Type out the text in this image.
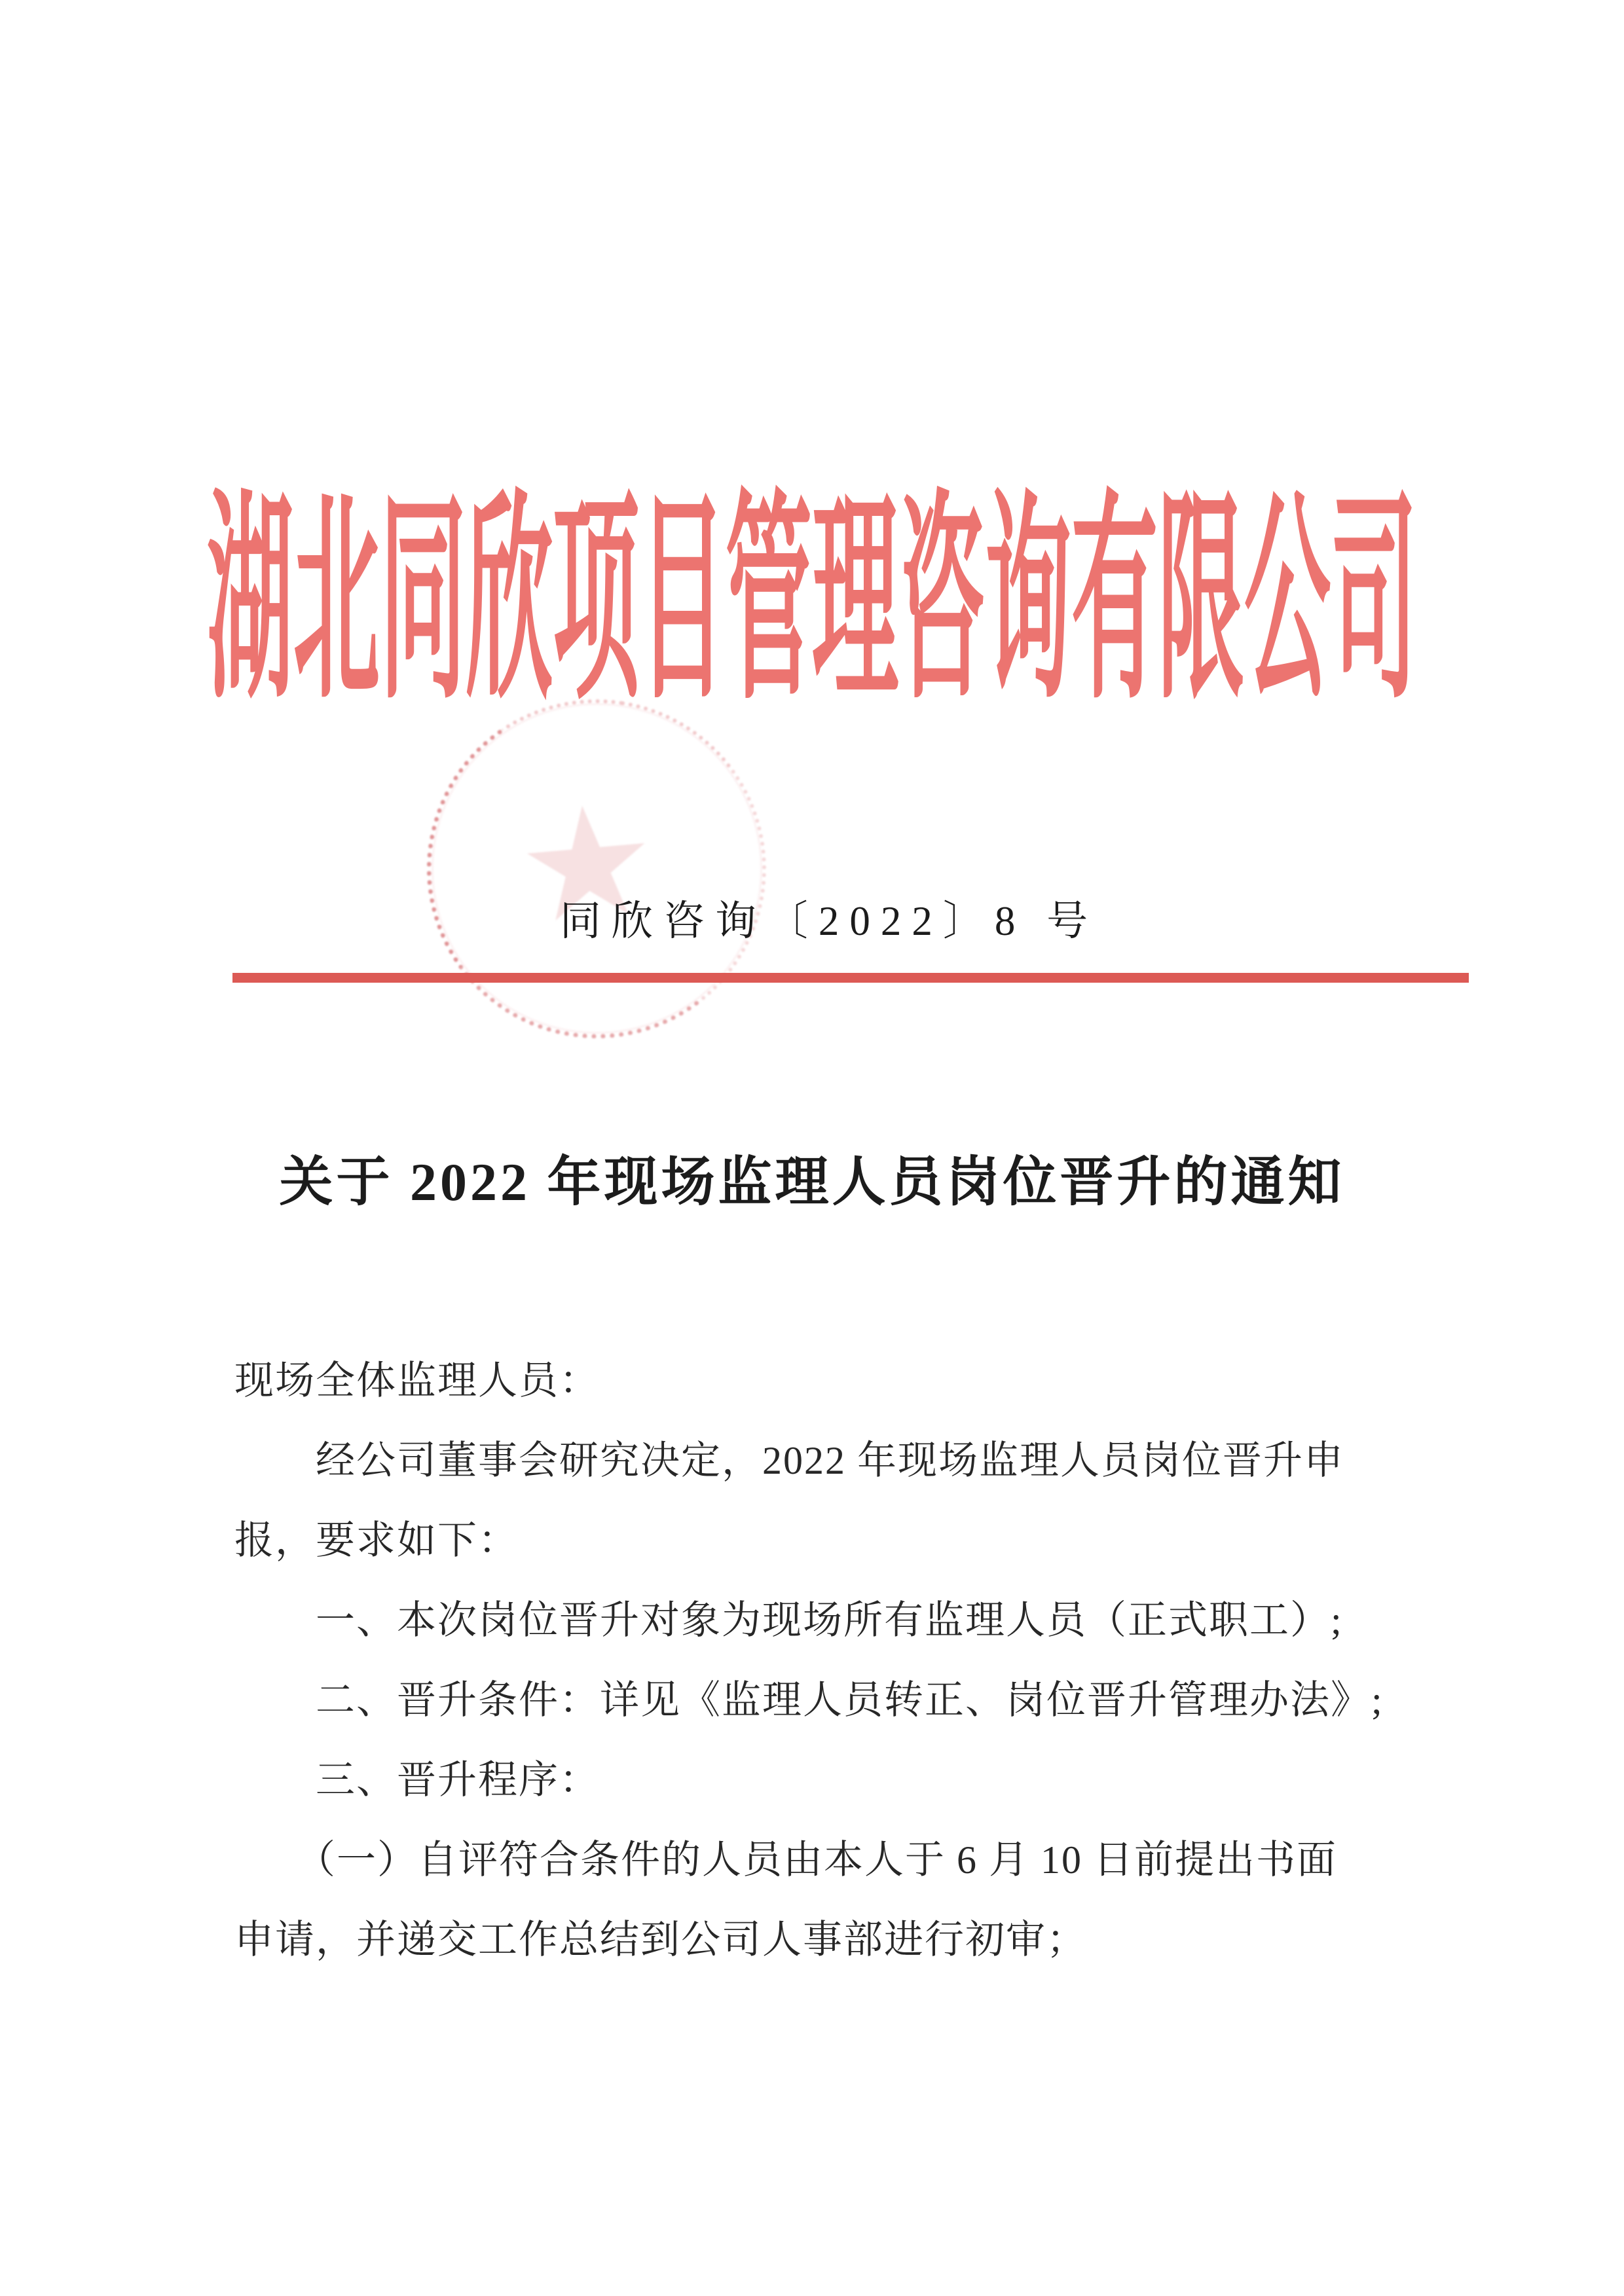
湖北同欣项目管理咨询有限公司
★
同欣咨询〔2022〕8 号
关于 2022 年现场监理人员岗位晋升的通知

现场全体监理人员：

　　经公司董事会研究决定，2022 年现场监理人员岗位晋升申

报，要求如下：

　　一、本次岗位晋升对象为现场所有监理人员（正式职工）;

　　二、晋升条件：详见《监理人员转正、岗位晋升管理办法》;

　　三、晋升程序：

　　（一）自评符合条件的人员由本人于 6 月 10 日前提出书面

申请，并递交工作总结到公司人事部进行初审；
